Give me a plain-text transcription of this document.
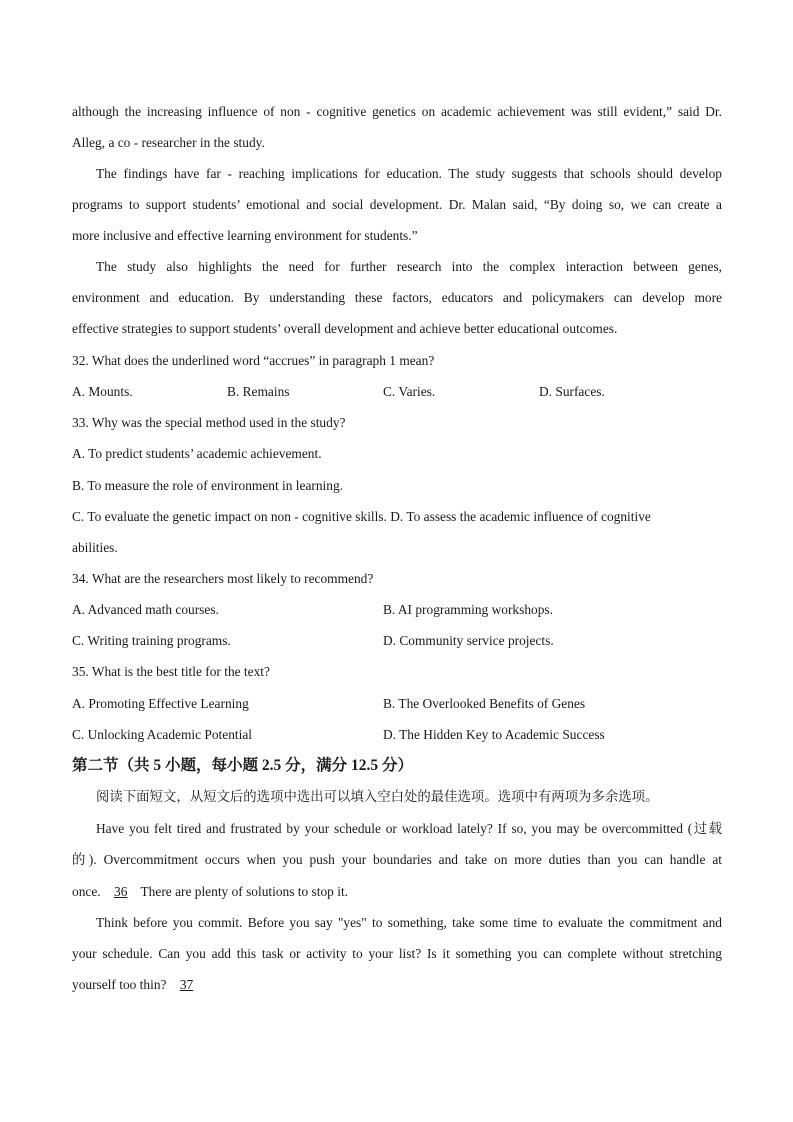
although the increasing influence of non - cognitive genetics on academic achievement was still evident,” said Dr.
Alleg, a co - researcher in the study.
The findings have far - reaching implications for education. The study suggests that schools should develop
programs to support students’ emotional and social development. Dr. Malan said, “By doing so, we can create a
more inclusive and effective learning environment for students.”
The study also highlights the need for further research into the complex interaction between genes,
environment and education. By understanding these factors, educators and policymakers can develop more
effective strategies to support students’ overall development and achieve better educational outcomes.
32. What does the underlined word “accrues” in paragraph 1 mean?
A. Mounts.	B. Remains	C. Varies.	D. Surfaces.
33. Why was the special method used in the study?
A. To predict students’ academic achievement.
B. To measure the role of environment in learning.
C. To evaluate the genetic impact on non - cognitive skills. D. To assess the academic influence of cognitive
abilities.
34. What are the researchers most likely to recommend?
A. Advanced math courses.	B. AI programming workshops.
C. Writing training programs.	D. Community service projects.
35. What is the best title for the text?
A. Promoting Effective Learning	B. The Overlooked Benefits of Genes
C. Unlocking Academic Potential	D. The Hidden Key to Academic Success
第二节（共 5 小题，每小题 2.5 分，满分 12.5 分）
阅读下面短文，从短文后的选项中选出可以填入空白处的最佳选项。选项中有两项为多余选项。
Have you felt tired and frustrated by your schedule or workload lately? If so, you may be overcommitted (过载
的). Overcommitment occurs when you push your boundaries and take on more duties than you can handle at
once. 36 There are plenty of solutions to stop it.
Think before you commit. Before you say "yes" to something, take some time to evaluate the commitment and
your schedule. Can you add this task or activity to your list? Is it something you can complete without stretching
yourself too thin? 37
